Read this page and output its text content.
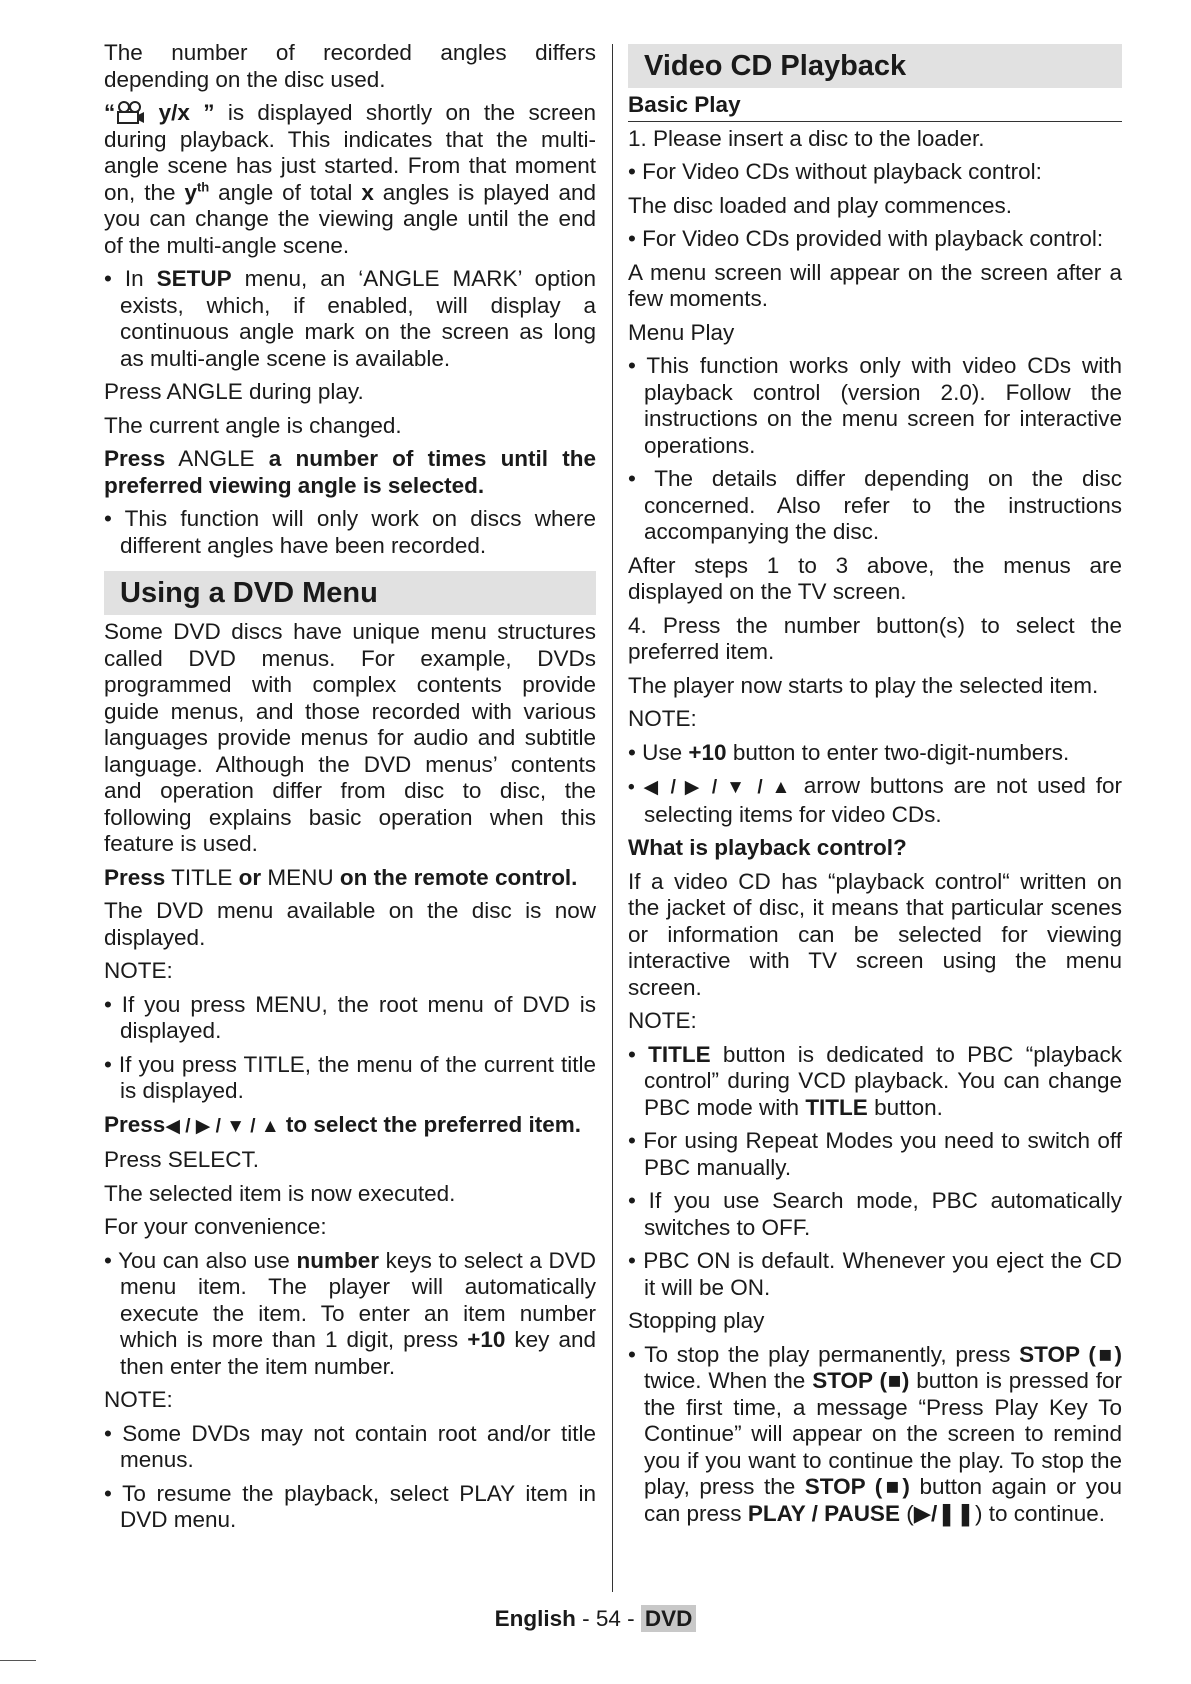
The number of recorded angles differs depending on the disc used.

“ y/x ” is displayed shortly on the screen during playback. This indicates that the multi-angle scene has just started. From that moment on, the $y^{th}$ angle of total x angles is played and you can change the viewing angle until the end of the multi-angle scene.

• In SETUP menu, an ‘ANGLE MARK’ option exists, which, if enabled, will display a continuous angle mark on the screen as long as multi-angle scene is available.

Press ANGLE during play.

The current angle is changed.

Press ANGLE a number of times until the preferred viewing angle is selected.

• This function will only work on discs where different angles have been recorded.

Using a DVD Menu

Some DVD discs have unique menu structures called DVD menus. For example, DVDs programmed with complex contents provide guide menus, and those recorded with various languages provide menus for audio and subtitle language. Although the DVD menus’ contents and operation differ from disc to disc, the following explains basic operation when this feature is used.

Press TITLE or MENU on the remote control.

The DVD menu available on the disc is now displayed.

NOTE:

• If you press MENU, the root menu of DVD is displayed.

• If you press TITLE, the menu of the current title is displayed.

Press◀ / ▶ / ▼ / ▲ to select the preferred item.

Press SELECT.

The selected item is now executed.

For your convenience:

• You can also use number keys to select a DVD menu item. The player will automatically execute the item. To enter an item number which is more than 1 digit, press +10 key and then enter the item number.

NOTE:

• Some DVDs may not contain root and/or title menus.

• To resume the playback, select PLAY item in DVD menu.

Video CD Playback
Basic Play

1. Please insert a disc to the loader.

• For Video CDs without playback control:

The disc loaded and play commences.

• For Video CDs provided with playback control:

A menu screen will appear on the screen after a few moments.

Menu Play

• This function works only with video CDs with playback control (version 2.0). Follow the instructions on the menu screen for interactive operations.

• The details differ depending on the disc concerned. Also refer to the instructions accompanying the disc.

After steps 1 to 3 above, the menus are displayed on the TV screen.

4. Press the number button(s) to select the preferred item.

The player now starts to play the selected item.

NOTE:

• Use +10 button to enter two-digit-numbers.

• ◀ / ▶ / ▼ / ▲ arrow buttons are not used for selecting items for video CDs.

What is playback control?

If a video CD has “playback control“ written on the jacket of disc, it means that particular scenes or information can be selected for viewing interactive with TV screen using the menu screen.

NOTE:

• TITLE button is dedicated to PBC “playback control” during VCD playback. You can change PBC mode with TITLE button.

• For using Repeat Modes you need to switch off PBC manually.

• If you use Search mode, PBC automatically switches to OFF.

• PBC ON is default. Whenever you eject the CD it will be ON.

Stopping play

• To stop the play permanently, press STOP (■) twice. When the STOP (■) button is pressed for the first time, a message “Press Play Key To Continue” will appear on the screen to remind you if you want to continue the play. To stop the play, press the STOP (■) button again or you can press PLAY / PAUSE (▶/❚❚) to continue.

English - 54 - DVD
